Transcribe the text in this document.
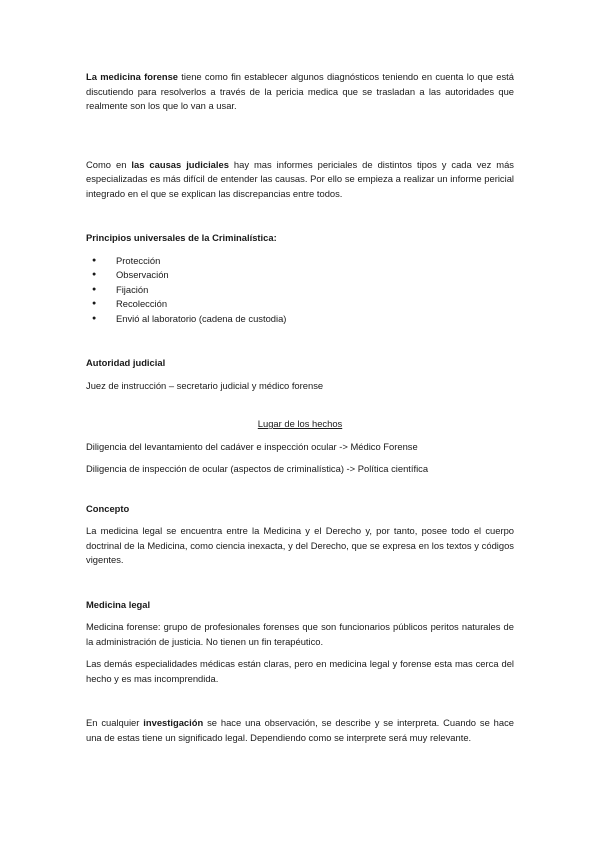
La medicina forense tiene como fin establecer algunos diagnósticos teniendo en cuenta lo que está discutiendo para resolverlos a través de la pericia medica que se trasladan a las autoridades que realmente son los que lo van a usar.

Como en las causas judiciales hay mas informes periciales de distintos tipos y cada vez más especializadas es más difícil de entender las causas. Por ello se empieza a realizar un informe pericial integrado en el que se explican las discrepancias entre todos.

Principios universales de la Criminalística:

● Protección
● Observación
● Fijación
● Recolección
● Envió al laboratorio (cadena de custodia)

Autoridad judicial

Juez de instrucción – secretario judicial y médico forense

Lugar de los hechos

Diligencia del levantamiento del cadáver e inspección ocular -> Médico Forense

Diligencia de inspección de ocular (aspectos de criminalística) -> Política científica

Concepto

La medicina legal se encuentra entre la Medicina y el Derecho y, por tanto, posee todo el cuerpo doctrinal de la Medicina, como ciencia inexacta, y del Derecho, que se expresa en los textos y códigos vigentes.

Medicina legal

Medicina forense: grupo de profesionales forenses que son funcionarios públicos peritos naturales de la administración de justicia. No tienen un fin terapéutico.

Las demás especialidades médicas están claras, pero en medicina legal y forense esta mas cerca del hecho y es mas incomprendida.

En cualquier investigación se hace una observación, se describe y se interpreta. Cuando se hace una de estas tiene un significado legal. Dependiendo como se interprete será muy relevante.
